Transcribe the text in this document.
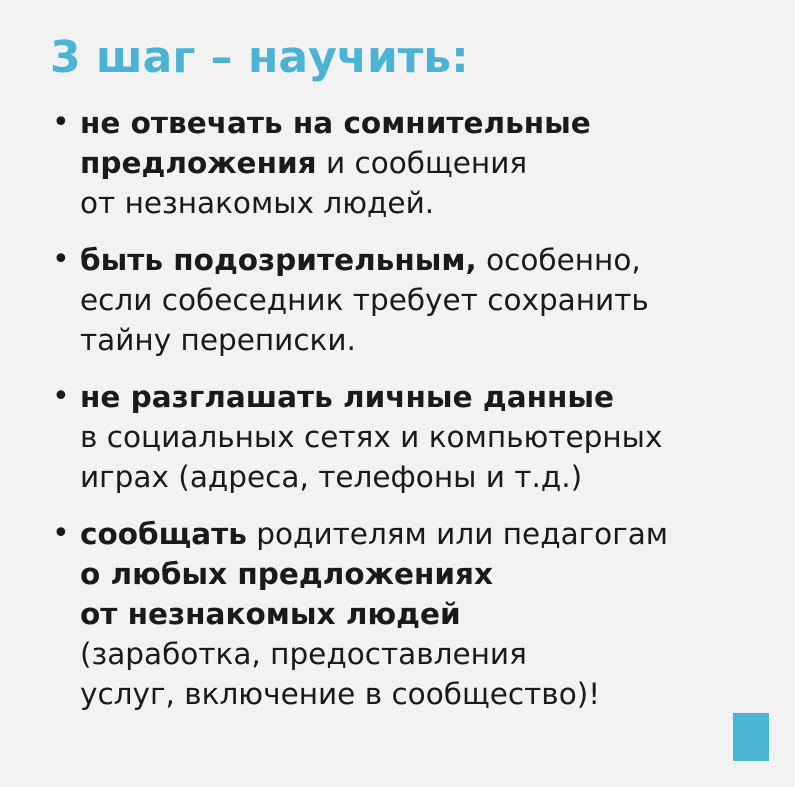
3 шаг – научить:
• не отвечать на сомнительные
предложения и сообщения
от незнакомых людей.
• быть подозрительным, особенно,
если собеседник требует сохранить
тайну переписки.
• не разглашать личные данные
в социальных сетях и компьютерных
играх (адреса, телефоны и т.д.)
• сообщать родителям или педагогам
о любых предложениях
от незнакомых людей
(заработка, предоставления
услуг, включение в сообщество)!
